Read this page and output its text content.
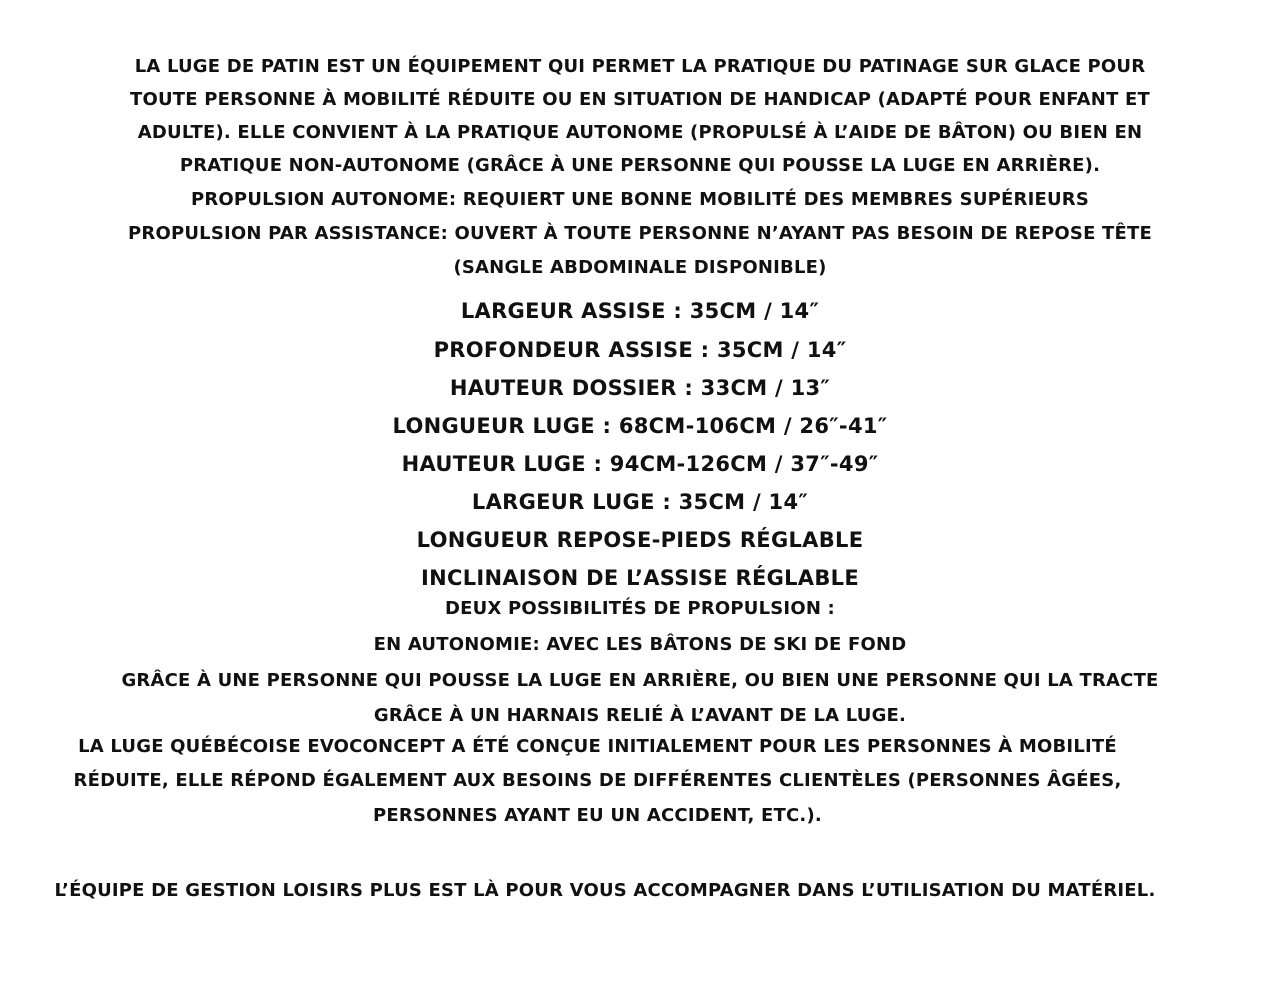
LA LUGE DE PATIN EST UN ÉQUIPEMENT QUI PERMET LA PRATIQUE DU PATINAGE SUR GLACE POUR
TOUTE PERSONNE À MOBILITÉ RÉDUITE OU EN SITUATION DE HANDICAP (ADAPTÉ POUR ENFANT ET
ADULTE). ELLE CONVIENT À LA PRATIQUE AUTONOME (PROPULSÉ À L’AIDE DE BÂTON) OU BIEN EN
PRATIQUE NON-AUTONOME (GRÂCE À UNE PERSONNE QUI POUSSE LA LUGE EN ARRIÈRE).
PROPULSION AUTONOME: REQUIERT UNE BONNE MOBILITÉ DES MEMBRES SUPÉRIEURS
PROPULSION PAR ASSISTANCE: OUVERT À TOUTE PERSONNE N’AYANT PAS BESOIN DE REPOSE TÊTE
(SANGLE ABDOMINALE DISPONIBLE)
LARGEUR ASSISE : 35CM / 14″
PROFONDEUR ASSISE : 35CM / 14″
HAUTEUR DOSSIER : 33CM / 13″
LONGUEUR LUGE : 68CM-106CM / 26″-41″
HAUTEUR LUGE : 94CM-126CM / 37″-49″
LARGEUR LUGE : 35CM / 14″
LONGUEUR REPOSE-PIEDS RÉGLABLE
INCLINAISON DE L’ASSISE RÉGLABLE
DEUX POSSIBILITÉS DE PROPULSION :
EN AUTONOMIE: AVEC LES BÂTONS DE SKI DE FOND
GRÂCE À UNE PERSONNE QUI POUSSE LA LUGE EN ARRIÈRE, OU BIEN UNE PERSONNE QUI LA TRACTE
GRÂCE À UN HARNAIS RELIÉ À L’AVANT DE LA LUGE.
LA LUGE QUÉBÉCOISE EVOCONCEPT A ÉTÉ CONÇUE INITIALEMENT POUR LES PERSONNES À MOBILITÉ
RÉDUITE, ELLE RÉPOND ÉGALEMENT AUX BESOINS DE DIFFÉRENTES CLIENTÈLES (PERSONNES ÂGÉES,
PERSONNES AYANT EU UN ACCIDENT, ETC.).
L’ÉQUIPE DE GESTION LOISIRS PLUS EST LÀ POUR VOUS ACCOMPAGNER DANS L’UTILISATION DU MATÉRIEL.
